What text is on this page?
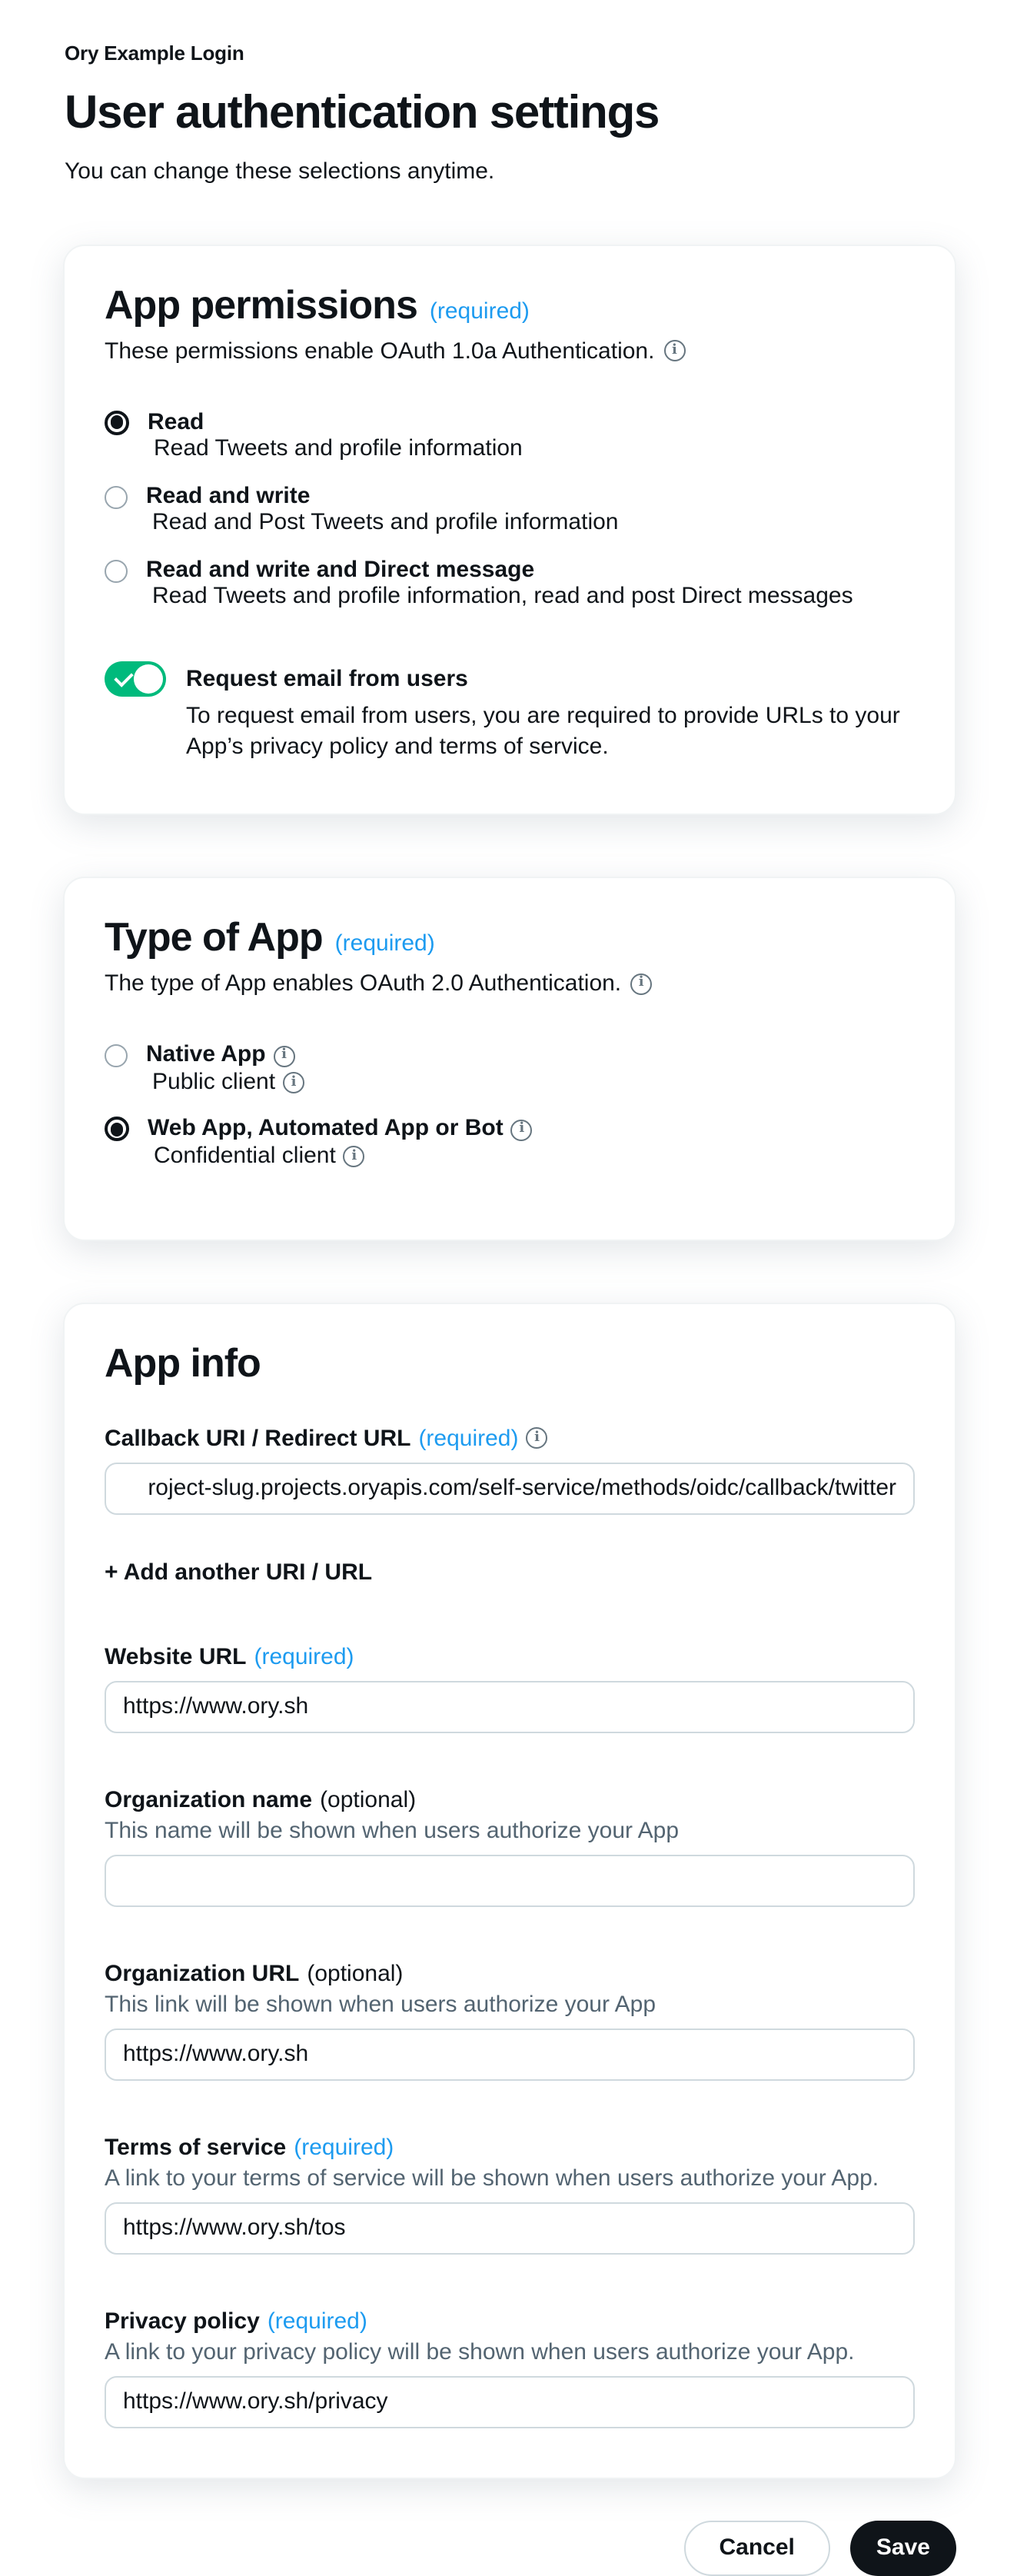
Ory Example Login
User authentication settings
You can change these selections anytime.
App permissions (required)
These permissions enable OAuth 1.0a Authentication.
i
Read
Read Tweets and profile information
Read and write
Read and Post Tweets and profile information
Read and write and Direct message
Read Tweets and profile information, read and post Direct messages
Request email from users
To request email from users, you are required to provide URLs to your App’s privacy policy and terms of service.
Type of App (required)
The type of App enables OAuth 2.0 Authentication.
i
Native App
i
Public client
i
Web App, Automated App or Bot
i
Confidential client
i
App info
Callback URI / Redirect URL (required)
i
roject-slug.projects.oryapis.com/self-service/methods/oidc/callback/twitter
+ Add another URI / URL
Website URL (required)
https://www.ory.sh
Organization name (optional)
This name will be shown when users authorize your App
Organization URL (optional)
This link will be shown when users authorize your App
https://www.ory.sh
Terms of service (required)
A link to your terms of service will be shown when users authorize your App.
https://www.ory.sh/tos
Privacy policy (required)
A link to your privacy policy will be shown when users authorize your App.
https://www.ory.sh/privacy
Cancel	Save
